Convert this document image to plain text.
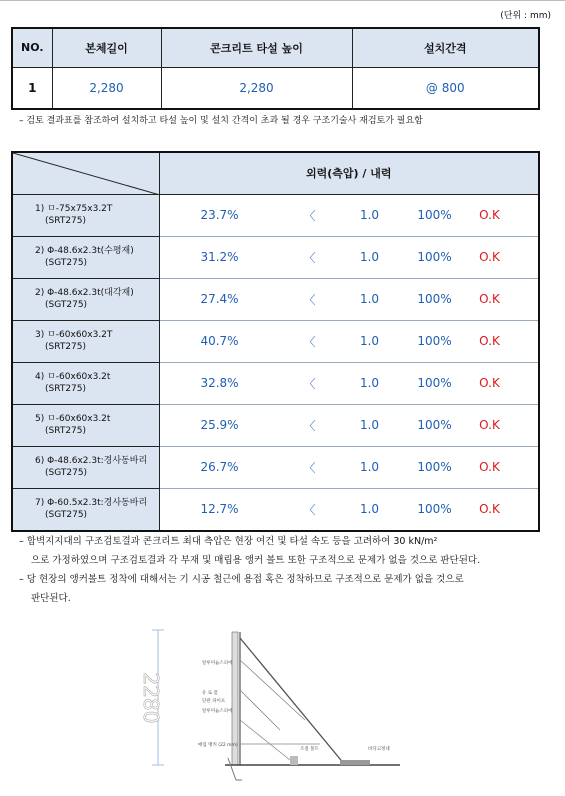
(단위 : mm)
NO.	본체길이	콘크리트 타설 높이	설치간격
1	2,280	2,280	@ 800
– 검토 결과표를 참조하여 설치하고 타설 높이 및 설치 간격이 초과 될 경우 구조기술사 재검토가 필요함
	외력(측압) / 내력

1) ㅁ-75x75x3.2T
(SRT275)	23.7% 〈 1.0 100% O.K

2) Φ-48.6x2.3t(수평재)
(SGT275)	31.2% 〈 1.0 100% O.K

2) Φ-48.6x2.3t(대각재)
(SGT275)	27.4% 〈 1.0 100% O.K

3) ㅁ-60x60x3.2T
(SRT275)	40.7% 〈 1.0 100% O.K

4) ㅁ-60x60x3.2t
(SRT275)	32.8% 〈 1.0 100% O.K

5) ㅁ-60x60x3.2t
(SRT275)	25.9% 〈 1.0 100% O.K

6) Φ-48.6x2.3t:경사동바리
(SGT275)	26.7% 〈 1.0 100% O.K

7) Φ-60.5x2.3t:경사동바리
(SGT275)	12.7% 〈 1.0 100% O.K
– 합벽지지대의 구조검토결과 콘크리트 최대 측압은 현장 여건 및 타설 속도 등을 고려하여 30 kN/m²
으로 가정하였으며 구조검토결과 각 부재 및 매립용 앵커 볼트 또한 구조적으로 문제가 없을 것으로 판단된다.
– 당 현장의 앵커볼트 정착에 대해서는 기 시공 철근에 용접 혹은 정착하므로 구조적으로 문제가 없을 것으로
판단된다.
2280
알루미늄스피에
유 로 폼
단관 파이프
알루미늄스피에
매립 앵커 (22 mm)
조절 볼트	바닥고정대
